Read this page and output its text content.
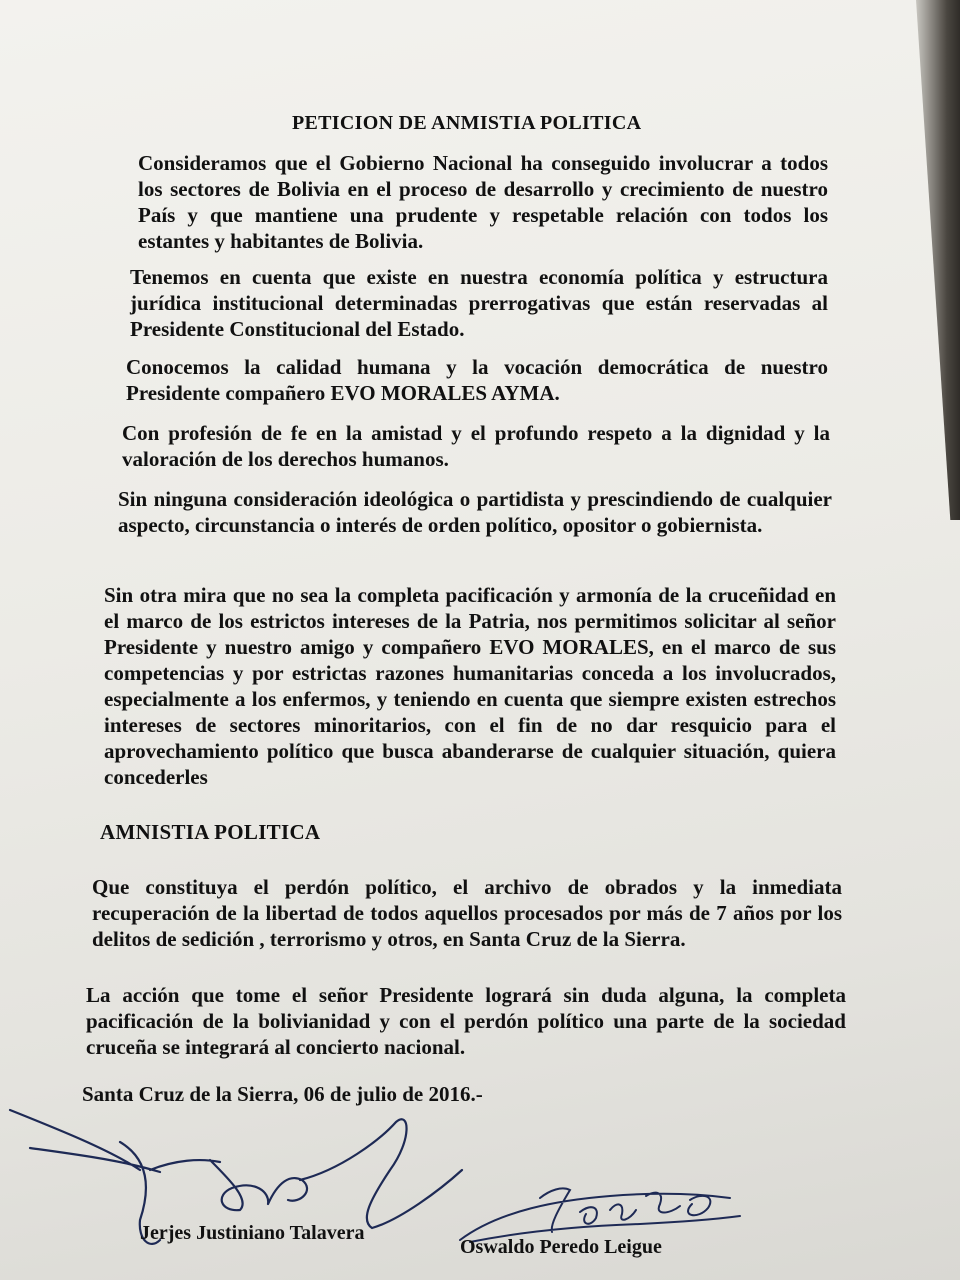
PETICION DE ANMISTIA POLITICA

Consideramos que el Gobierno Nacional ha conseguido involucrar a todos los sectores de Bolivia en el proceso de desarrollo y crecimiento de nuestro País y que mantiene una prudente y respetable relación con todos los estantes y habitantes de Bolivia.

Tenemos en cuenta que existe en nuestra economía política y estructura jurídica institucional determinadas prerrogativas que están reservadas al Presidente Constitucional del Estado.

Conocemos la calidad humana y la vocación democrática de nuestro Presidente compañero EVO MORALES AYMA.

Con profesión de fe en la amistad y el profundo respeto a la dignidad y la valoración de los derechos humanos.

Sin ninguna consideración ideológica o partidista y prescindiendo de cualquier aspecto, circunstancia o interés de orden político, opositor o gobiernista.

Sin otra mira que no sea la completa pacificación y armonía de la cruceñidad en el marco de los estrictos intereses de la Patria, nos permitimos solicitar al señor Presidente y nuestro amigo y compañero EVO MORALES, en el marco de sus competencias y por estrictas razones humanitarias conceda a los involucrados, especialmente a los enfermos, y teniendo en cuenta que siempre existen estrechos intereses de sectores minoritarios, con el fin de no dar resquicio para el aprovechamiento político que busca abanderarse de cualquier situación, quiera concederles

AMNISTIA POLITICA

Que constituya el perdón político, el archivo de obrados y la inmediata recuperación de la libertad de todos aquellos procesados por más de 7 años por los delitos de sedición , terrorismo y otros, en Santa Cruz de la Sierra.

La acción que tome el señor Presidente logrará sin duda alguna, la completa pacificación de la bolivianidad y con el perdón político una parte de la sociedad cruceña se integrará al concierto nacional.

Santa Cruz de la Sierra, 06 de julio de 2016.-

Jerjes Justiniano Talavera

Oswaldo Peredo Leigue
